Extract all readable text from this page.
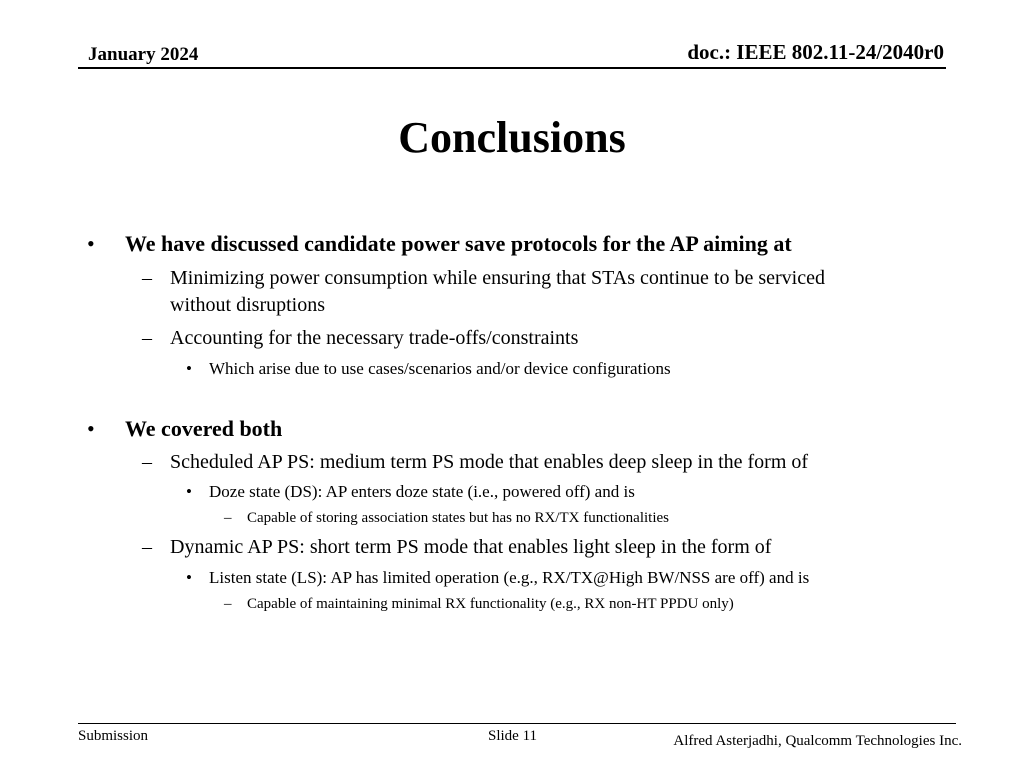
January 2024	doc.: IEEE 802.11-24/2040r0
Conclusions
• We have discussed candidate power save protocols for the AP aiming at
– Minimizing power consumption while ensuring that STAs continue to be serviced
without disruptions
– Accounting for the necessary trade-offs/constraints
• Which arise due to use cases/scenarios and/or device configurations
• We covered both
– Scheduled AP PS: medium term PS mode that enables deep sleep in the form of
• Doze state (DS): AP enters doze state (i.e., powered off) and is
– Capable of storing association states but has no RX/TX functionalities
– Dynamic AP PS: short term PS mode that enables light sleep in the form of
• Listen state (LS): AP has limited operation (e.g., RX/TX@High BW/NSS are off) and is
– Capable of maintaining minimal RX functionality (e.g., RX non-HT PPDU only)
Submission	Slide 11	Alfred Asterjadhi, Qualcomm Technologies Inc.
